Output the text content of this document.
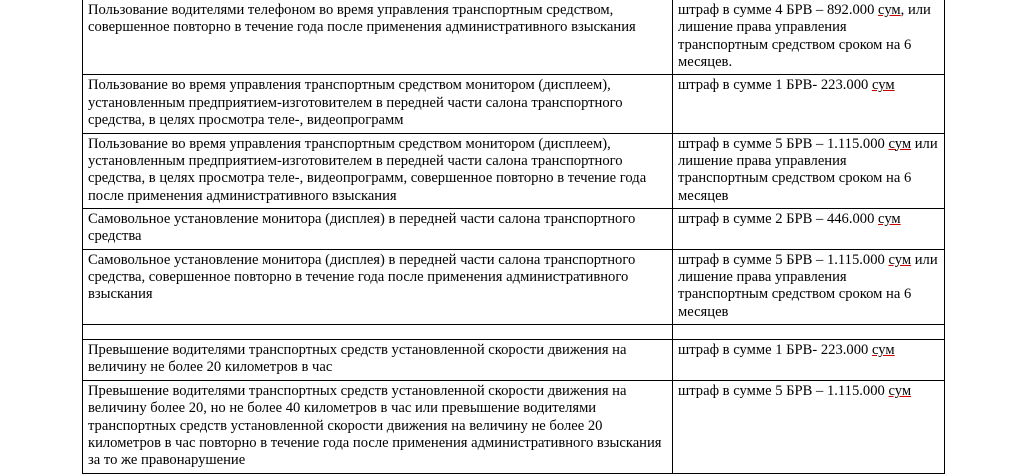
Пользование водителями телефоном во время управления транспортным средством, совершенное повторно в течение года после применения административного взыскания	штраф в сумме 4 БРВ – 892.000 сум, или лишение права управления транспортным средством сроком на 6 месяцев.

Пользование во время управления транспортным средством монитором (дисплеем), установленным предприятием-изготовителем в передней части салона транспортного средства, в целях просмотра теле-, видеопрограмм	штраф в сумме 1 БРВ- 223.000 сум

Пользование во время управления транспортным средством монитором (дисплеем), установленным предприятием-изготовителем в передней части салона транспортного средства, в целях просмотра теле-, видеопрограмм, совершенное повторно в течение года после применения административного взыскания	штраф в сумме 5 БРВ – 1.115.000 сум или лишение права управления транспортным средством сроком на 6 месяцев

Самовольное установление монитора (дисплея) в передней части салона транспортного средства	штраф в сумме 2 БРВ – 446.000 сум

Самовольное установление монитора (дисплея) в передней части салона транспортного средства, совершенное повторно в течение года после применения административного взыскания	штраф в сумме 5 БРВ – 1.115.000 сум или лишение права управления транспортным средством сроком на 6 месяцев

Превышение водителями транспортных средств установленной скорости движения на величину не более 20 километров в час	штраф в сумме 1 БРВ- 223.000 сум

Превышение водителями транспортных средств установленной скорости движения на величину более 20, но не более 40 километров в час или превышение водителями транспортных средств установленной скорости движения на величину не более 20 километров в час повторно в течение года после применения административного взыскания за то же правонарушение	штраф в сумме 5 БРВ – 1.115.000 сум
